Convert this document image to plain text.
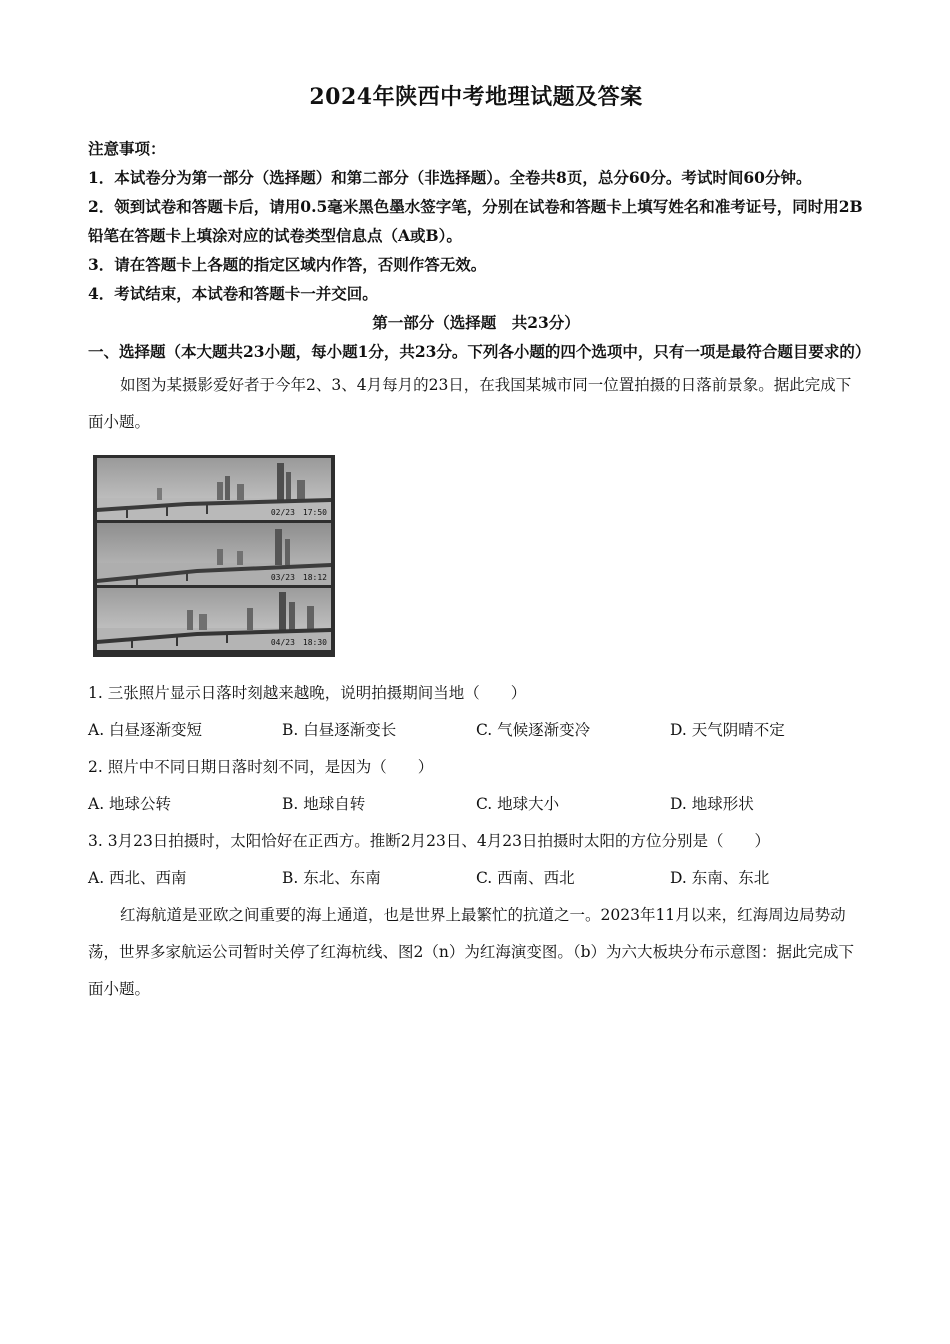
2024年陕西中考地理试题及答案

注意事项：

1．本试卷分为第一部分（选择题）和第二部分（非选择题）。全卷共8页，总分60分。考试时间60分钟。

2．领到试卷和答题卡后，请用0.5毫米黑色墨水签字笔，分别在试卷和答题卡上填写姓名和准考证号，同时用2B铅笔在答题卡上填涂对应的试卷类型信息点（A或B）。

3．请在答题卡上各题的指定区域内作答，否则作答无效。

4．考试结束，本试卷和答题卡一并交回。

第一部分（选择题　共23分）

一、选择题（本大题共23小题，每小题1分，共23分。下列各小题的四个选项中，只有一项是最符合题目要求的）

如图为某摄影爱好者于今年2、3、4月每月的23日，在我国某城市同一位置拍摄的日落前景象。据此完成下面小题。

02/23　17:50
03/23　18:12
04/23　18:30

1. 三张照片显示日落时刻越来越晚，说明拍摄期间当地（　　）

A. 白昼逐渐变短	B. 白昼逐渐变长	C. 气候逐渐变冷	D. 天气阴晴不定

2. 照片中不同日期日落时刻不同，是因为（　　）

A. 地球公转	B. 地球自转	C. 地球大小	D. 地球形状

3. 3月23日拍摄时，太阳恰好在正西方。推断2月23日、4月23日拍摄时太阳的方位分别是（　　）

A. 西北、西南	B. 东北、东南	C. 西南、西北	D. 东南、东北

红海航道是亚欧之间重要的海上通道，也是世界上最繁忙的抗道之一。2023年11月以来，红海周边局势动荡，世界多家航运公司暂时关停了红海杭线、图2（n）为红海演变图。（b）为六大板块分布示意图：据此完成下面小题。
